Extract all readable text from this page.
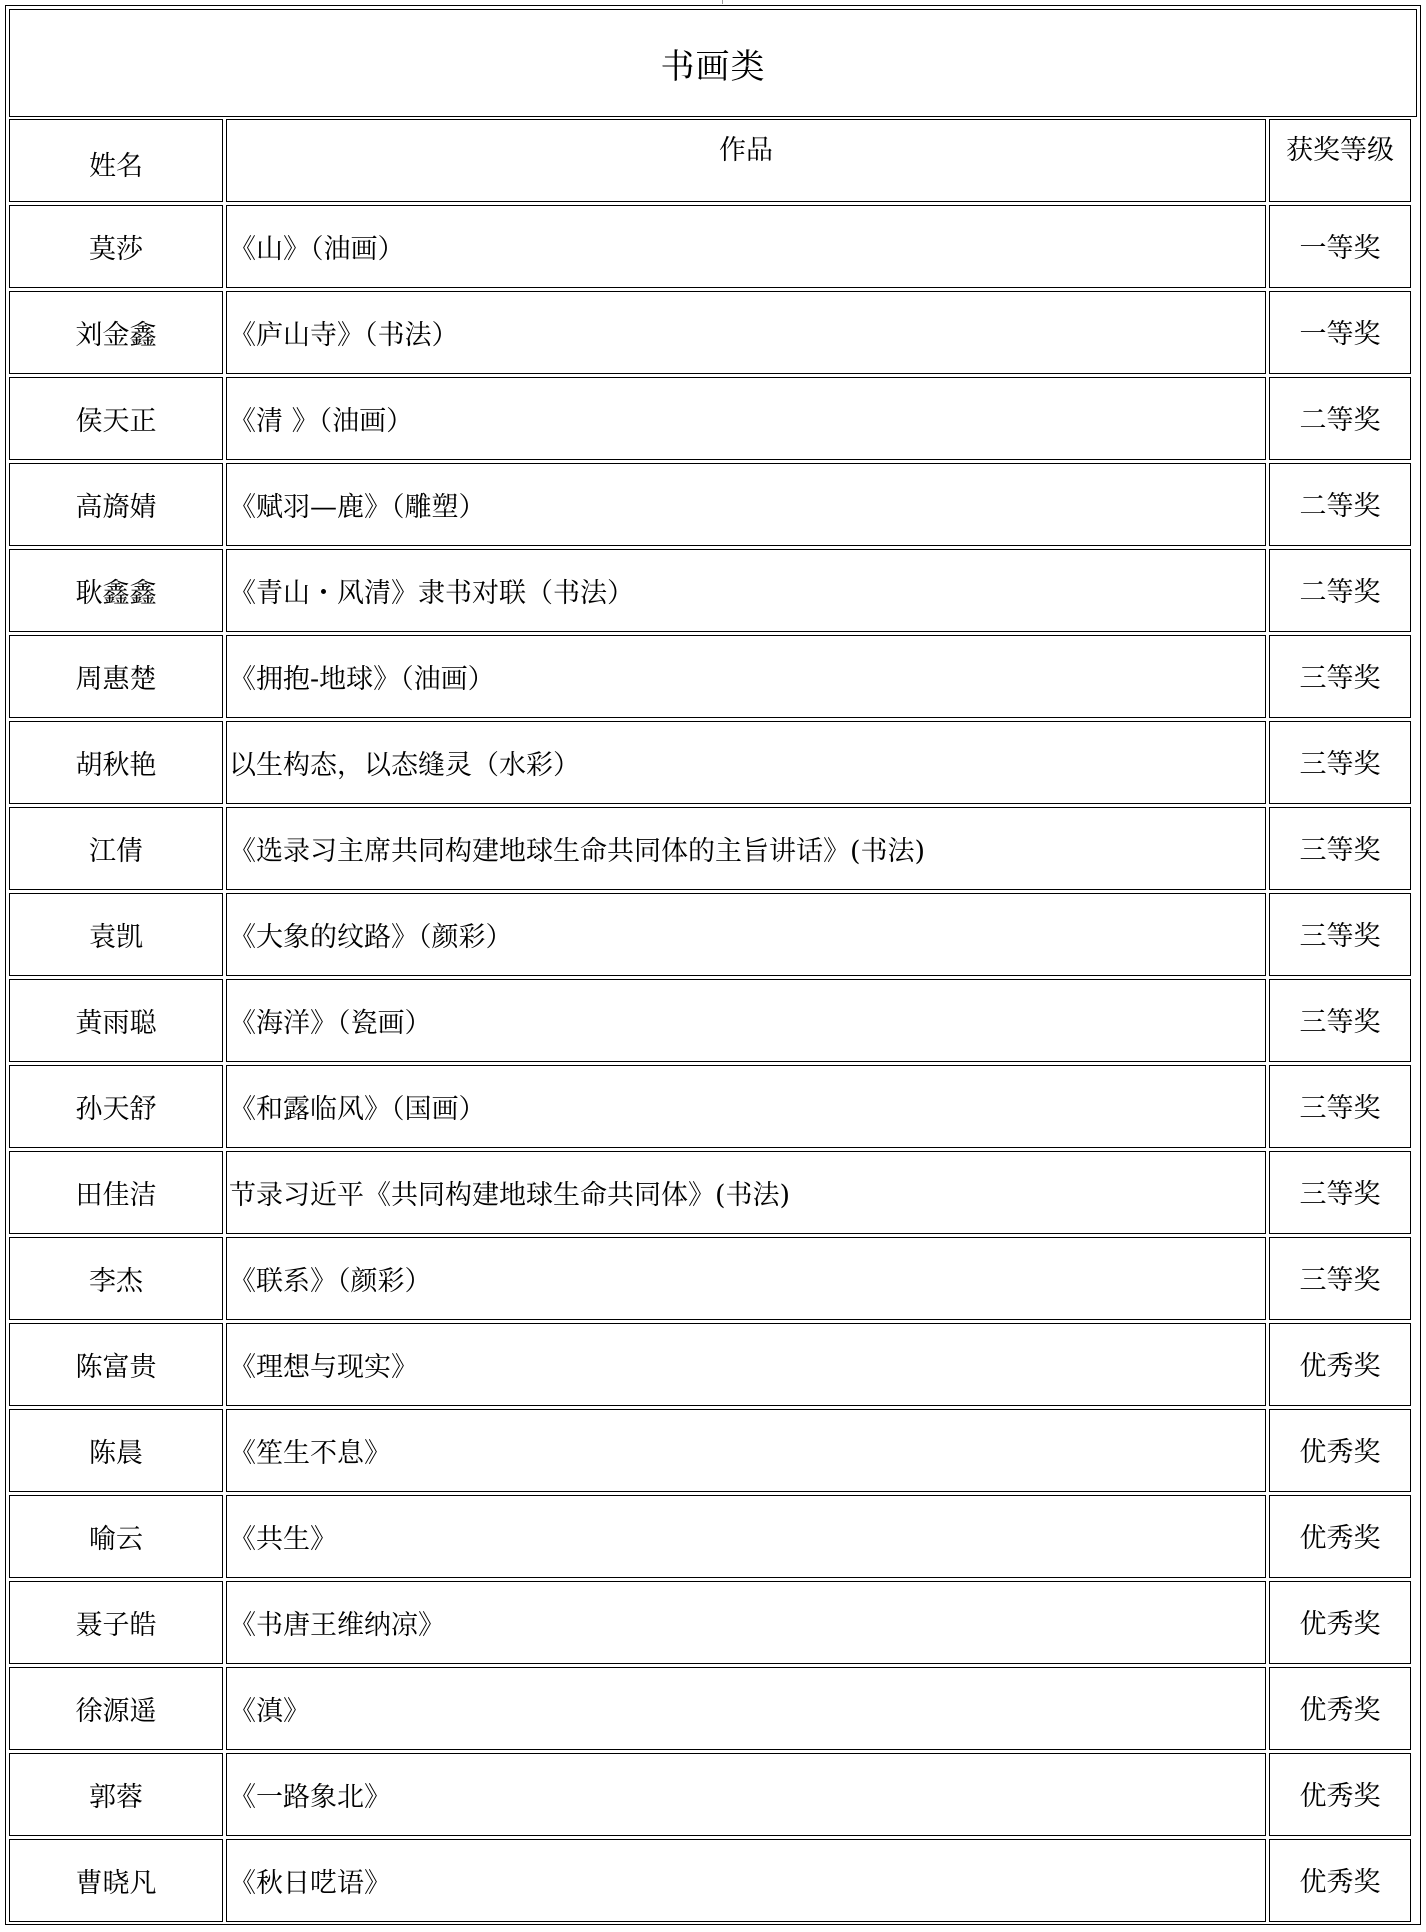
书画类
姓名	作品	获奖等级
莫莎	《山》（油画）	一等奖
刘金鑫	《庐山寺》（书法）	一等奖
侯天正	《清 》（油画）	二等奖
高旖婧	《赋羽—鹿》（雕塑）	二等奖
耿鑫鑫	《青山・风清》隶书对联（书法）	二等奖
周惠楚	《拥抱-地球》（油画）	三等奖
胡秋艳	以生构态，以态缝灵（水彩）	三等奖
江倩	《选录习主席共同构建地球生命共同体的主旨讲话》(书法)	三等奖
袁凯	《大象的纹路》（颜彩）	三等奖
黄雨聪	《海洋》（瓷画）	三等奖
孙天舒	《和露临风》（国画）	三等奖
田佳洁	节录习近平《共同构建地球生命共同体》(书法)	三等奖
李杰	《联系》（颜彩）	三等奖
陈富贵	《理想与现实》	优秀奖
陈晨	《笙生不息》	优秀奖
喻云	《共生》	优秀奖
聂子皓	《书唐王维纳凉》	优秀奖
徐源遥	《滇》	优秀奖
郭蓉	《一路象北》	优秀奖
曹晓凡	《秋日呓语》	优秀奖
